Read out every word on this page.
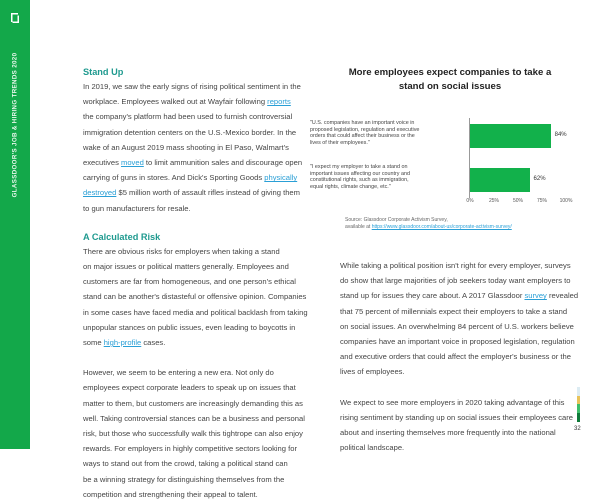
GLASSDOOR'S JOB & HIRING TRENDS 2020	Stand Up
In 2019, we saw the early signs of rising political sentiment in the
workplace. Employees walked out at Wayfair following reports
the company's platform had been used to furnish controversial
immigration detention centers on the U.S.-Mexico border. In the
wake of an August 2019 mass shooting in El Paso, Walmart's
executives moved to limit ammunition sales and discourage open
carrying of guns in stores. And Dick's Sporting Goods physically
destroyed $5 million worth of assault rifles instead of giving them
to gun manufacturers for resale.
A Calculated Risk
There are obvious risks for employers when taking a stand
on major issues or political matters generally. Employees and
customers are far from homogeneous, and one person's ethical
stand can be another's distasteful or offensive opinion. Companies
in some cases have faced media and political backlash from taking
unpopular stances on public issues, even leading to boycotts in
some high-profile cases.
However, we seem to be entering a new era. Not only do
employees expect corporate leaders to speak up on issues that
matter to them, but customers are increasingly demanding this as
well. Taking controversial stances can be a business and personal
risk, but those who successfully walk this tightrope can also enjoy
rewards. For employers in highly competitive sectors looking for
ways to stand out from the crowd, taking a political stand can
be a winning strategy for distinguishing themselves from the
competition and strengthening their appeal to talent.
More employees expect companies to take a
stand on social issues
"U.S. companies have an important voice in
proposed legislation, regulation and executive
orders that could affect their business or the
lives of their employees."
"I expect my employer to take a stand on
important issues affecting our country and
constitutional rights, such as immigration,
equal rights, climate change, etc."
84%
62%
0%	25%	50%	75%	100%
Source: Glassdoor Corporate Activism Survey,
available at https://www.glassdoor.com/about-us/corporate-activism-survey/
While taking a political position isn't right for every employer, surveys
do show that large majorities of job seekers today want employers to
stand up for issues they care about. A 2017 Glassdoor survey revealed
that 75 percent of millennials expect their employers to take a stand
on social issues. An overwhelming 84 percent of U.S. workers believe
companies have an important voice in proposed legislation, regulation
and executive orders that could affect the employer's business or the
lives of employees.
We expect to see more employers in 2020 taking advantage of this
rising sentiment by standing up on social issues their employees care
about and inserting themselves more frequently into the national
political landscape.
32
